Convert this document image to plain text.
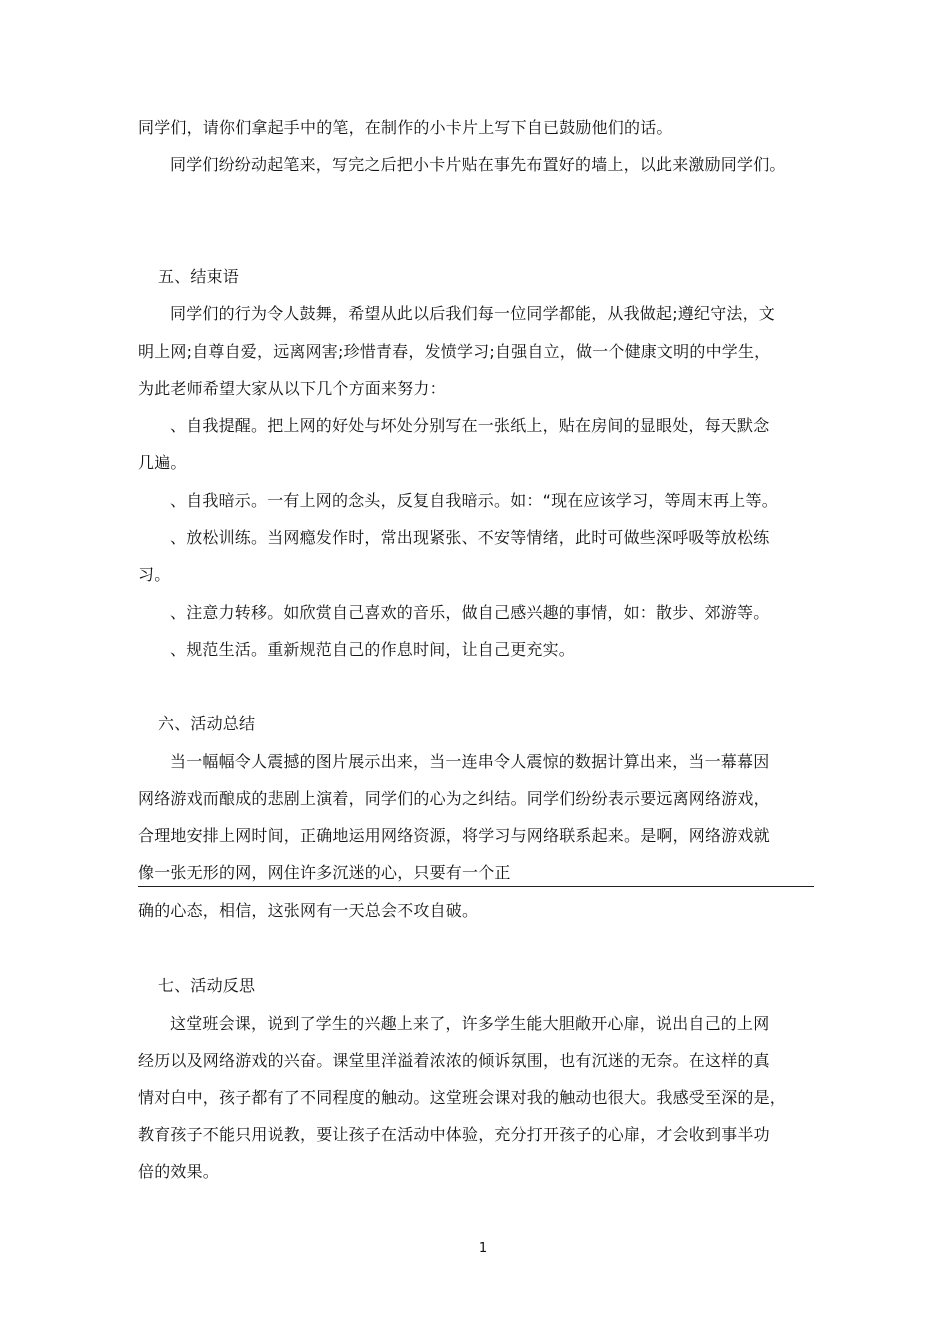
同学们，请你们拿起手中的笔，在制作的小卡片上写下自已鼓励他们的话。
同学们纷纷动起笔来，写完之后把小卡片贴在事先布置好的墙上，以此来激励同学们。
五、结束语
同学们的行为令人鼓舞，希望从此以后我们每一位同学都能，从我做起;遵纪守法，文
明上网;自尊自爱，远离网害;珍惜青春，发愤学习;自强自立，做一个健康文明的中学生，
为此老师希望大家从以下几个方面来努力：
、自我提醒。把上网的好处与坏处分别写在一张纸上，贴在房间的显眼处，每天默念
几遍。
、自我暗示。一有上网的念头，反复自我暗示。如：“现在应该学习，等周末再上等。
、放松训练。当网瘾发作时，常出现紧张、不安等情绪，此时可做些深呼吸等放松练
习。
、注意力转移。如欣赏自己喜欢的音乐，做自己感兴趣的事情，如：散步、郊游等。
、规范生活。重新规范自己的作息时间，让自己更充实。
六、活动总结
当一幅幅令人震撼的图片展示出来，当一连串令人震惊的数据计算出来，当一幕幕因
网络游戏而酿成的悲剧上演着，同学们的心为之纠结。同学们纷纷表示要远离网络游戏，
合理地安排上网时间，正确地运用网络资源，将学习与网络联系起来。是啊，网络游戏就
像一张无形的网，网住许多沉迷的心，只要有一个正
确的心态，相信，这张网有一天总会不攻自破。
七、活动反思
这堂班会课，说到了学生的兴趣上来了，许多学生能大胆敞开心扉，说出自己的上网
经历以及网络游戏的兴奋。课堂里洋溢着浓浓的倾诉氛围，也有沉迷的无奈。在这样的真
情对白中，孩子都有了不同程度的触动。这堂班会课对我的触动也很大。我感受至深的是，
教育孩子不能只用说教，要让孩子在活动中体验，充分打开孩子的心扉，才会收到事半功
倍的效果。
1
